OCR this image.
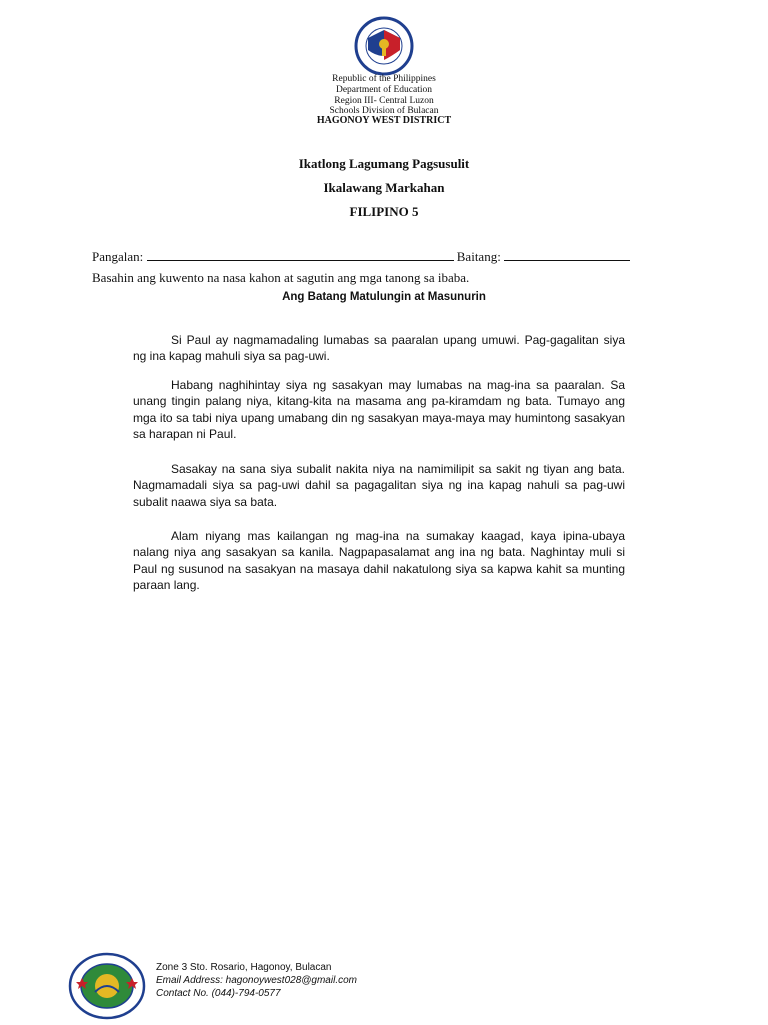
Republic of the Philippines
Department of Education
Region III- Central Luzon
Schools Division of Bulacan
HAGONOY WEST DISTRICT
Ikatlong Lagumang Pagsusulit
Ikalawang Markahan
FILIPINO 5
Pangalan:	Baitang:
Basahin ang kuwento na nasa kahon at sagutin ang mga tanong sa ibaba.
Ang Batang Matulungin at Masunurin
Si Paul ay nagmamadaling lumabas sa paaralan upang umuwi. Pag-gagalitan siya ng ina kapag mahuli siya sa pag-uwi.
Habang naghihintay siya ng sasakyan may lumabas na mag-ina sa paaralan. Sa unang tingin palang niya, kitang-kita na masama ang pa-kiramdam ng bata. Tumayo ang mga ito sa tabi niya upang umabang din ng sasakyan maya-maya may humintong sasakyan sa harapan ni Paul.
Sasakay na sana siya subalit nakita niya na namimilipit sa sakit ng tiyan ang bata. Nagmamadali siya sa pag-uwi dahil sa pagagalitan siya ng ina kapag nahuli sa pag-uwi subalit naawa siya sa bata.
Alam niyang mas kailangan ng mag-ina na sumakay kaagad, kaya ipina-ubaya nalang niya ang sasakyan sa kanila. Nagpapasalamat ang ina ng bata. Naghintay muli si Paul ng susunod na sasakyan na masaya dahil nakatulong siya sa kapwa kahit sa munting paraan lang.
Zone 3 Sto. Rosario, Hagonoy, Bulacan
Email Address: hagonoywest028@gmail.com
Contact No. (044)-794-0577
